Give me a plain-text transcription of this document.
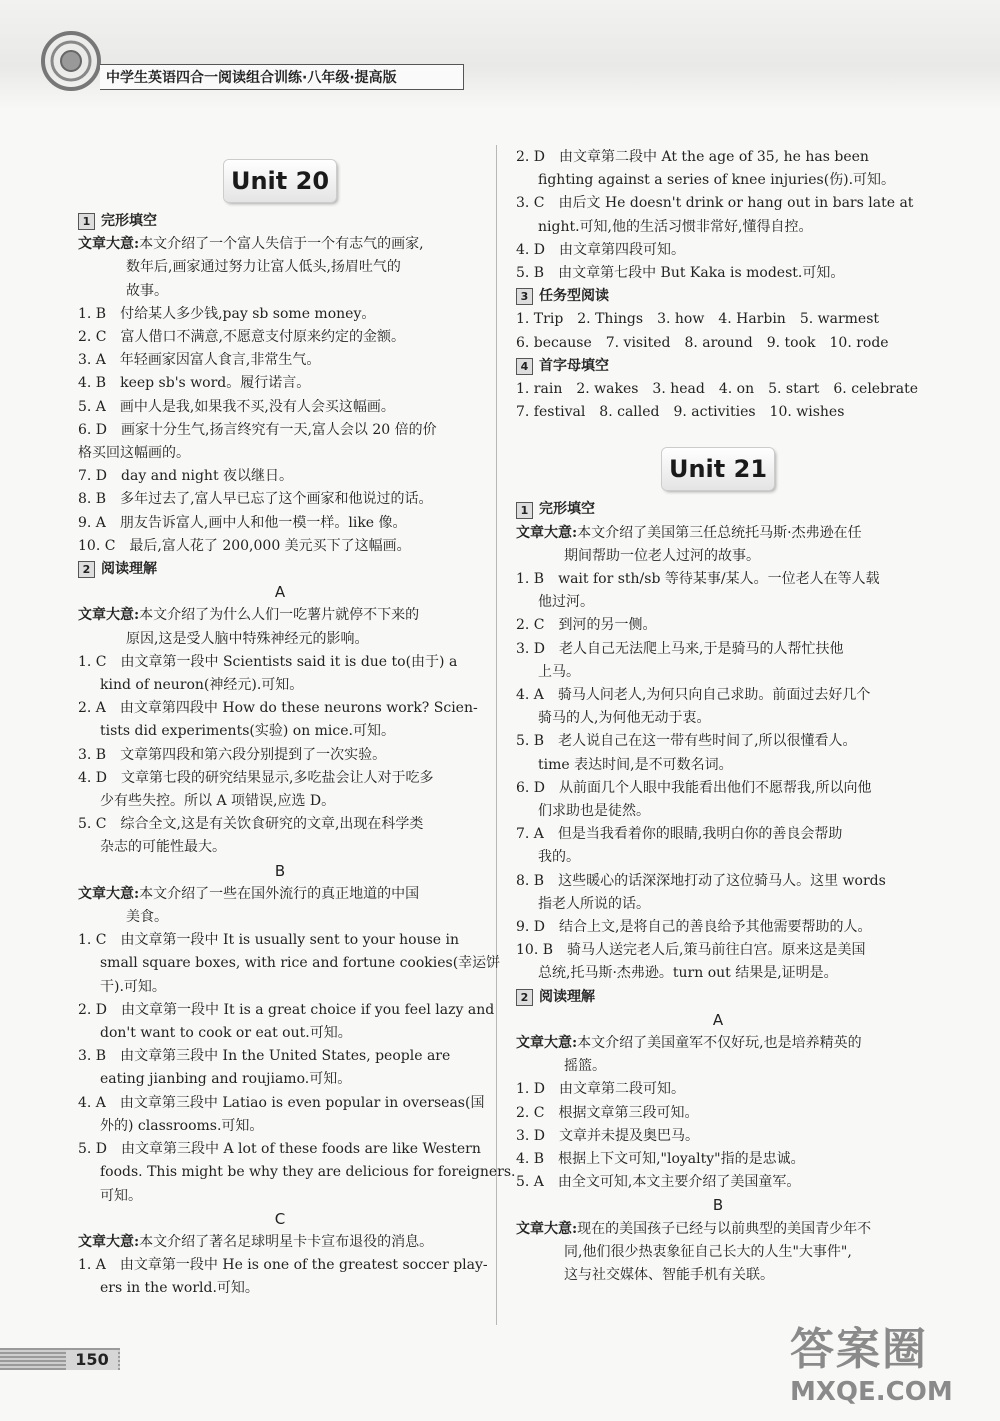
中学生英语四合一阅读组合训练·八年级·提高版
Unit 20
1 完形填空

文章大意:本文介绍了一个富人失信于一个有志气的画家,

数年后,画家通过努力让富人低头,扬眉吐气的

故事。

1. B　付给某人多少钱,pay sb some money。

2. C　富人借口不满意,不愿意支付原来约定的金额。

3. A　年轻画家因富人食言,非常生气。

4. B　keep sb's word。履行诺言。

5. A　画中人是我,如果我不买,没有人会买这幅画。

6. D　画家十分生气,扬言终究有一天,富人会以 20 倍的价

格买回这幅画的。

7. D　day and night 夜以继日。

8. B　多年过去了,富人早已忘了这个画家和他说过的话。

9. A　朋友告诉富人,画中人和他一模一样。like 像。

10. C　最后,富人花了 200,000 美元买下了这幅画。

2 阅读理解

A

文章大意:本文介绍了为什么人们一吃薯片就停不下来的

原因,这是受人脑中特殊神经元的影响。

1. C　由文章第一段中 Scientists said it is due to(由于) a

kind of neuron(神经元).可知。

2. A　由文章第四段中 How do these neurons work? Scien-

tists did experiments(实验) on mice.可知。

3. B　文章第四段和第六段分别提到了一次实验。

4. D　文章第七段的研究结果显示,多吃盐会让人对于吃多

少有些失控。所以 A 项错误,应选 D。

5. C　综合全文,这是有关饮食研究的文章,出现在科学类

杂志的可能性最大。

B

文章大意:本文介绍了一些在国外流行的真正地道的中国

美食。

1. C　由文章第一段中 It is usually sent to your house in

small square boxes, with rice and fortune cookies(幸运饼

干).可知。

2. D　由文章第一段中 It is a great choice if you feel lazy and

don't want to cook or eat out.可知。

3. B　由文章第三段中 In the United States, people are

eating jianbing and roujiamo.可知。

4. A　由文章第三段中 Latiao is even popular in overseas(国

外的) classrooms.可知。

5. D　由文章第三段中 A lot of these foods are like Western

foods. This might be why they are delicious for foreigners.

可知。

C

文章大意:本文介绍了著名足球明星卡卡宣布退役的消息。

1. A　由文章第一段中 He is one of the greatest soccer play-

ers in the world.可知。

2. D　由文章第二段中 At the age of 35, he has been

fighting against a series of knee injuries(伤).可知。

3. C　由后文 He doesn't drink or hang out in bars late at

night.可知,他的生活习惯非常好,懂得自控。

4. D　由文章第四段可知。

5. B　由文章第七段中 But Kaka is modest.可知。

3 任务型阅读

1. Trip　2. Things　3. how　4. Harbin　5. warmest

6. because　7. visited　8. around　9. took　10. rode

4 首字母填空

1. rain　2. wakes　3. head　4. on　5. start　6. celebrate

7. festival　8. called　9. activities　10. wishes

Unit 21
1 完形填空

文章大意:本文介绍了美国第三任总统托马斯·杰弗逊在任

期间帮助一位老人过河的故事。

1. B　wait for sth/sb 等待某事/某人。一位老人在等人载

他过河。

2. C　到河的另一侧。

3. D　老人自己无法爬上马来,于是骑马的人帮忙扶他

上马。

4. A　骑马人问老人,为何只向自己求助。前面过去好几个

骑马的人,为何他无动于衷。

5. B　老人说自己在这一带有些时间了,所以很懂看人。

time 表达时间,是不可数名词。

6. D　从前面几个人眼中我能看出他们不愿帮我,所以向他

们求助也是徒然。

7. A　但是当我看着你的眼睛,我明白你的善良会帮助

我的。

8. B　这些暖心的话深深地打动了这位骑马人。这里 words

指老人所说的话。

9. D　结合上文,是将自己的善良给予其他需要帮助的人。

10. B　骑马人送完老人后,策马前往白宫。原来这是美国

总统,托马斯·杰弗逊。turn out 结果是,证明是。

2 阅读理解

A

文章大意:本文介绍了美国童军不仅好玩,也是培养精英的

摇篮。

1. D　由文章第二段可知。

2. C　根据文章第三段可知。

3. D　文章并未提及奥巴马。

4. B　根据上下文可知,"loyalty"指的是忠诚。

5. A　由全文可知,本文主要介绍了美国童军。

B

文章大意:现在的美国孩子已经与以前典型的美国青少年不

同,他们很少热衷象征自己长大的人生"大事件",

这与社交媒体、智能手机有关联。

150	答案圈
MXQE.COM
